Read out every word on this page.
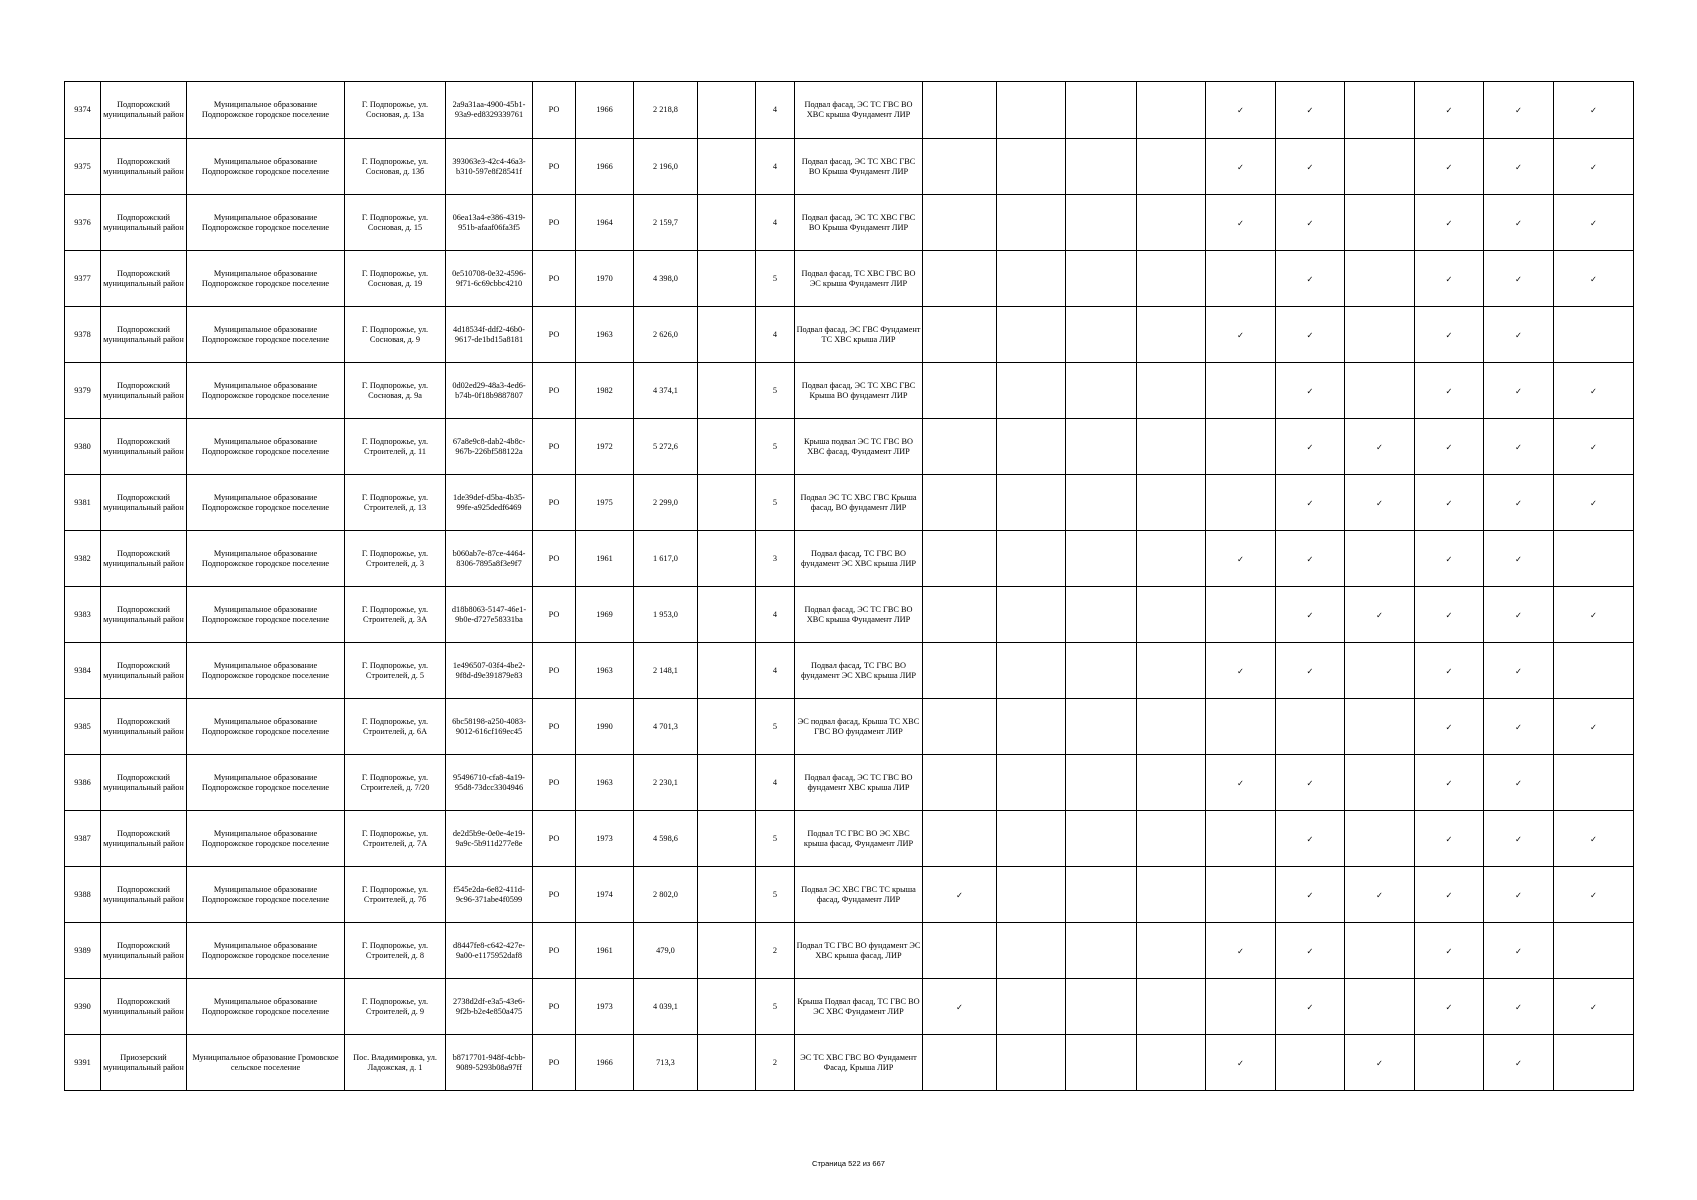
9374	Подпорожский муниципальный район	Муниципальное образование Подпорожское городское поселение	Г. Подпорожье, ул. Сосновая, д. 13а	2a9a31aa-4900-45b1-93a9-ed8329339761	РО	1966	2 218,8		4	Подвал фасад, ЭС ТС ГВС ВО ХВС крыша Фундамент ЛИР					✓	✓		✓	✓	✓
9375	Подпорожский муниципальный район	Муниципальное образование Подпорожское городское поселение	Г. Подпорожье, ул. Сосновая, д. 13б	393063e3-42c4-46a3-b310-597e8f28541f	РО	1966	2 196,0		4	Подвал фасад, ЭС ТС ХВС ГВС ВО Крыша Фундамент ЛИР					✓	✓		✓	✓	✓
9376	Подпорожский муниципальный район	Муниципальное образование Подпорожское городское поселение	Г. Подпорожье, ул. Сосновая, д. 15	06ea13a4-e386-4319-951b-afaaf06fa3f5	РО	1964	2 159,7		4	Подвал фасад, ЭС ТС ХВС ГВС ВО Крыша Фундамент ЛИР					✓	✓		✓	✓	✓
9377	Подпорожский муниципальный район	Муниципальное образование Подпорожское городское поселение	Г. Подпорожье, ул. Сосновая, д. 19	0e510708-0e32-4596-9f71-6c69cbbc4210	РО	1970	4 398,0		5	Подвал фасад, ТС ХВС ГВС ВО ЭС крыша Фундамент ЛИР						✓		✓	✓	✓
9378	Подпорожский муниципальный район	Муниципальное образование Подпорожское городское поселение	Г. Подпорожье, ул. Сосновая, д. 9	4d18534f-ddf2-46b0-9617-de1bd15a8181	РО	1963	2 626,0		4	Подвал фасад, ЭС ГВС Фундамент ТС ХВС крыша ЛИР					✓	✓		✓	✓	
9379	Подпорожский муниципальный район	Муниципальное образование Подпорожское городское поселение	Г. Подпорожье, ул. Сосновая, д. 9а	0d02ed29-48a3-4ed6-b74b-0f18b9887807	РО	1982	4 374,1		5	Подвал фасад, ЭС ТС ХВС ГВС Крыша ВО фундамент ЛИР						✓		✓	✓	✓
9380	Подпорожский муниципальный район	Муниципальное образование Подпорожское городское поселение	Г. Подпорожье, ул. Строителей, д. 11	67a8e9c8-dab2-4b8c-967b-226bf588122a	РО	1972	5 272,6		5	Крыша подвал ЭС ТС ГВС ВО ХВС фасад, Фундамент ЛИР						✓	✓	✓	✓	✓
9381	Подпорожский муниципальный район	Муниципальное образование Подпорожское городское поселение	Г. Подпорожье, ул. Строителей, д. 13	1de39def-d5ba-4b35-99fe-a925dedf6469	РО	1975	2 299,0		5	Подвал ЭС ТС ХВС ГВС Крыша фасад, ВО фундамент ЛИР						✓	✓	✓	✓	✓
9382	Подпорожский муниципальный район	Муниципальное образование Подпорожское городское поселение	Г. Подпорожье, ул. Строителей, д. 3	b060ab7e-87ce-4464-8306-7895a8f3e9f7	РО	1961	1 617,0		3	Подвал фасад, ТС ГВС ВО фундамент ЭС ХВС крыша ЛИР					✓	✓		✓	✓	
9383	Подпорожский муниципальный район	Муниципальное образование Подпорожское городское поселение	Г. Подпорожье, ул. Строителей, д. 3А	d18b8063-5147-46e1-9b0e-d727e58331ba	РО	1969	1 953,0		4	Подвал фасад, ЭС ТС ГВС ВО ХВС крыша Фундамент ЛИР						✓	✓	✓	✓	✓
9384	Подпорожский муниципальный район	Муниципальное образование Подпорожское городское поселение	Г. Подпорожье, ул. Строителей, д. 5	1e496507-03f4-4be2-9f8d-d9e391879e83	РО	1963	2 148,1		4	Подвал фасад, ТС ГВС ВО фундамент ЭС ХВС крыша ЛИР					✓	✓		✓	✓	
9385	Подпорожский муниципальный район	Муниципальное образование Подпорожское городское поселение	Г. Подпорожье, ул. Строителей, д. 6А	6bc58198-a250-4083-9012-616cf169ec45	РО	1990	4 701,3		5	ЭС подвал фасад, Крыша ТС ХВС ГВС ВО фундамент ЛИР								✓	✓	✓
9386	Подпорожский муниципальный район	Муниципальное образование Подпорожское городское поселение	Г. Подпорожье, ул. Строителей, д. 7/20	95496710-cfa8-4a19-95d8-73dcc3304946	РО	1963	2 230,1		4	Подвал фасад, ЭС ТС ГВС ВО фундамент ХВС крыша ЛИР					✓	✓		✓	✓	
9387	Подпорожский муниципальный район	Муниципальное образование Подпорожское городское поселение	Г. Подпорожье, ул. Строителей, д. 7А	de2d5b9e-0e0e-4e19-9a9c-5b911d277e8e	РО	1973	4 598,6		5	Подвал ТС ГВС ВО ЭС ХВС крыша фасад, Фундамент ЛИР						✓		✓	✓	✓
9388	Подпорожский муниципальный район	Муниципальное образование Подпорожское городское поселение	Г. Подпорожье, ул. Строителей, д. 7б	f545e2da-6e82-411d-9c96-371abe4f0599	РО	1974	2 802,0		5	Подвал ЭС ХВС ГВС ТС крыша фасад, Фундамент ЛИР	✓					✓	✓	✓	✓	✓
9389	Подпорожский муниципальный район	Муниципальное образование Подпорожское городское поселение	Г. Подпорожье, ул. Строителей, д. 8	d8447fe8-c642-427e-9a00-e1175952daf8	РО	1961	479,0		2	Подвал ТС ГВС ВО фундамент ЭС ХВС крыша фасад, ЛИР					✓	✓		✓	✓	
9390	Подпорожский муниципальный район	Муниципальное образование Подпорожское городское поселение	Г. Подпорожье, ул. Строителей, д. 9	2738d2df-e3a5-43e6-9f2b-b2e4e850a475	РО	1973	4 039,1		5	Крыша Подвал фасад, ТС ГВС ВО ЭС ХВС Фундамент ЛИР	✓					✓		✓	✓	✓
9391	Приозерский муниципальный район	Муниципальное образование Громовское сельское поселение	Пос. Владимировка, ул. Ладожская, д. 1	b8717701-948f-4cbb-9089-5293b08a97ff	РО	1966	713,3		2	ЭС ТС ХВС ГВС ВО Фундамент Фасад, Крыша ЛИР					✓		✓		✓	
Страница 522 из 667
